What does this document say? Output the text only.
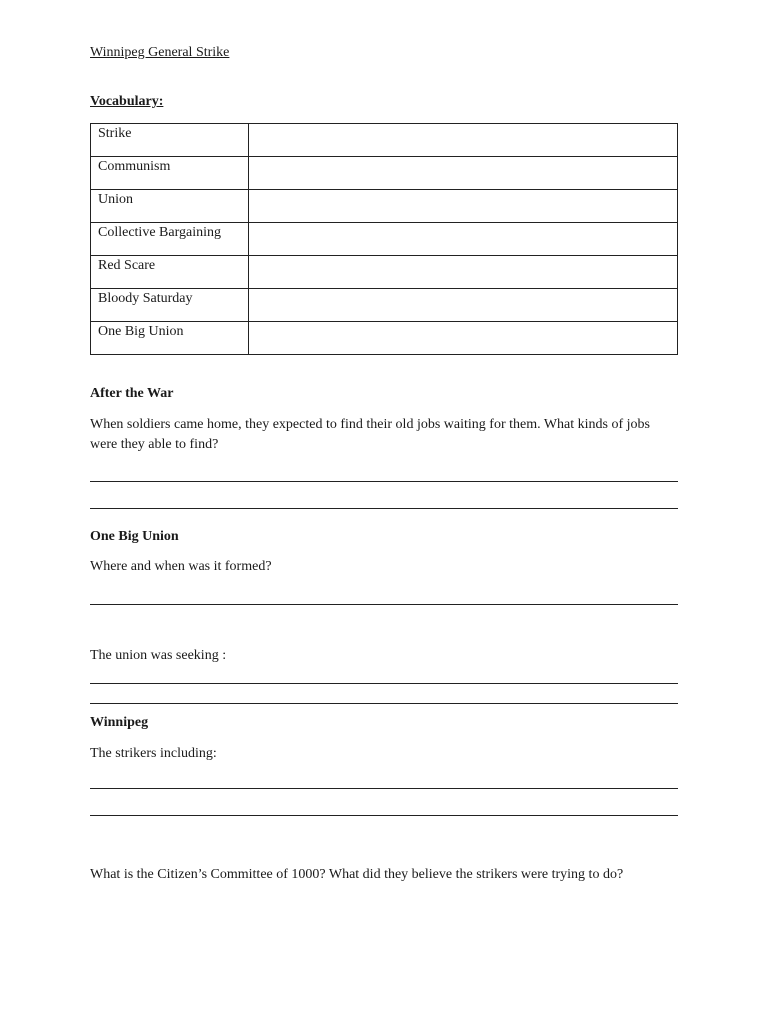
Winnipeg General Strike
Vocabulary:
Strike	
Communism	
Union	
Collective Bargaining	
Red Scare	
Bloody Saturday	
One Big Union	
After the War
When soldiers came home, they expected to find their old jobs waiting for them. What kinds of jobs were they able to find?
One Big Union
Where and when was it formed?
The union was seeking :
Winnipeg
The strikers including:
What is the Citizen’s Committee of 1000? What did they believe the strikers were trying to do?
